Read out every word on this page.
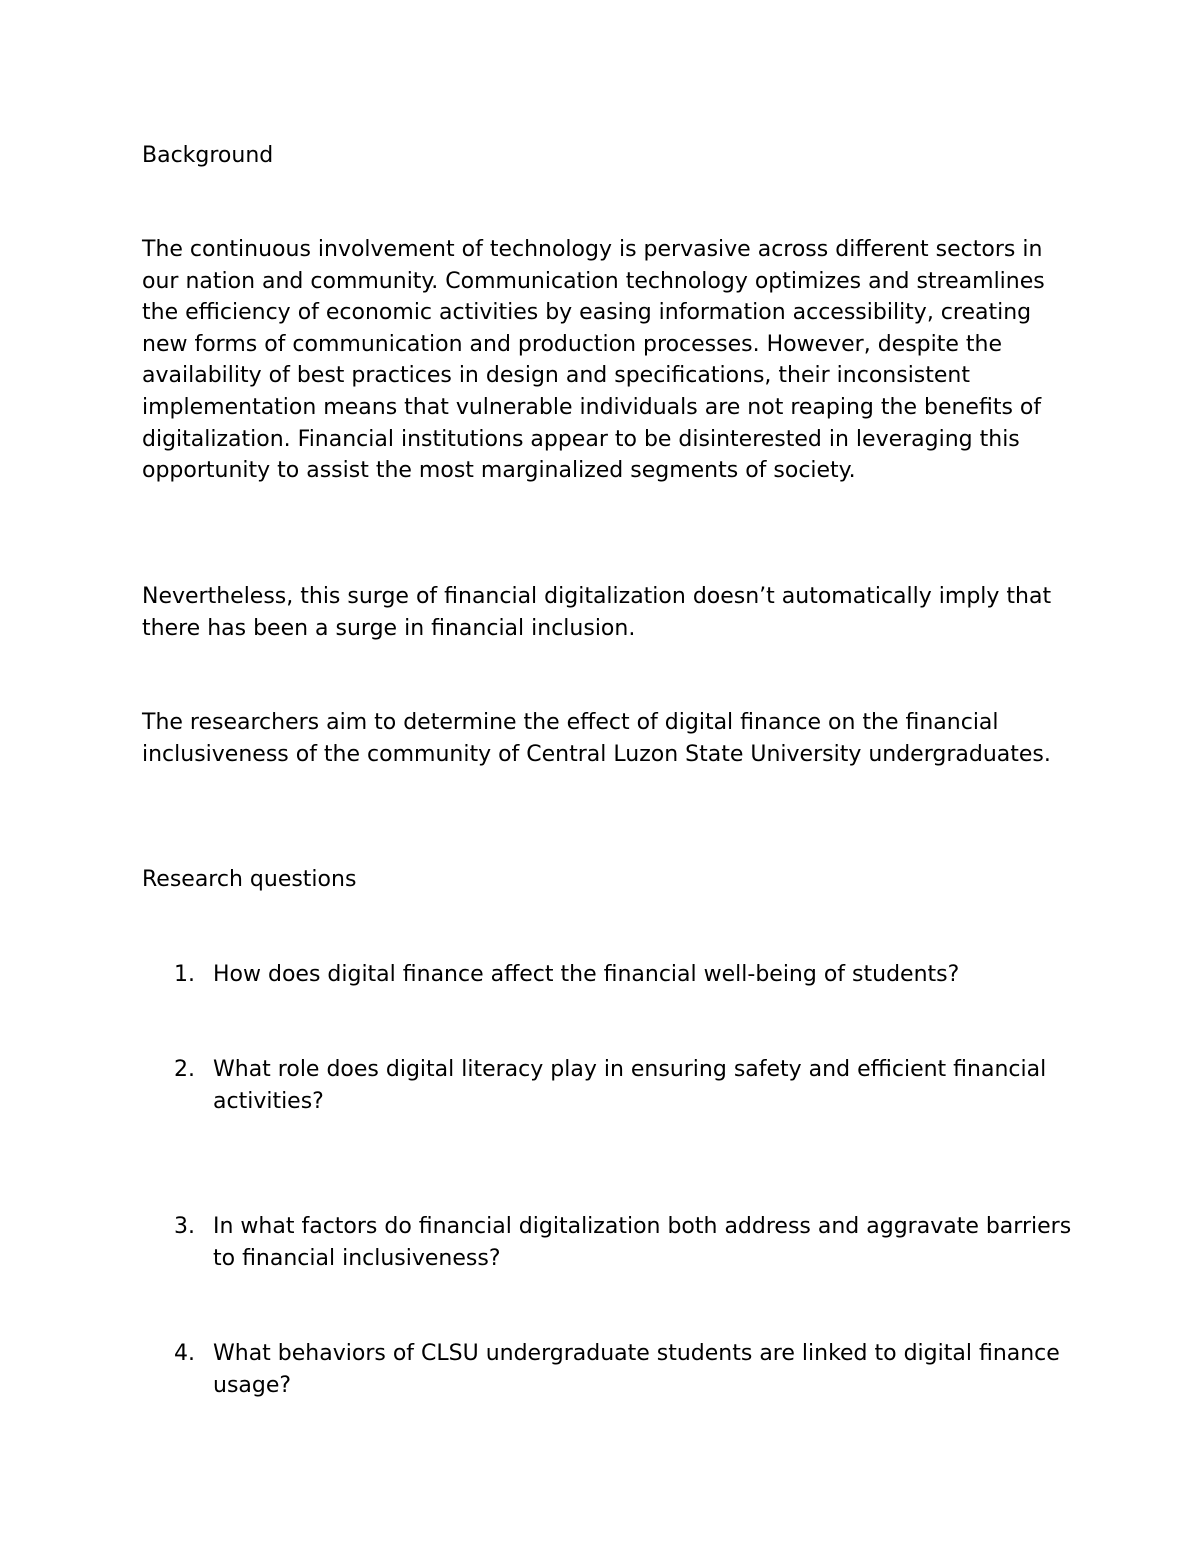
Background
The continuous involvement of technology is pervasive across different sectors in our nation and community. Communication technology optimizes and streamlines the efficiency of economic activities by easing information accessibility, creating new forms of communication and production processes. However, despite the availability of best practices in design and specifications, their inconsistent implementation means that vulnerable individuals are not reaping the benefits of digitalization. Financial institutions appear to be disinterested in leveraging this opportunity to assist the most marginalized segments of society.
Nevertheless, this surge of financial digitalization doesn’t automatically imply that there has been a surge in financial inclusion.
The researchers aim to determine the effect of digital finance on the financial inclusiveness of the community of Central Luzon State University undergraduates.
Research questions
1. How does digital finance affect the financial well-being of students?
2. What role does digital literacy play in ensuring safety and efficient financial activities?
3. In what factors do financial digitalization both address and aggravate barriers to financial inclusiveness?
4. What behaviors of CLSU undergraduate students are linked to digital finance usage?
